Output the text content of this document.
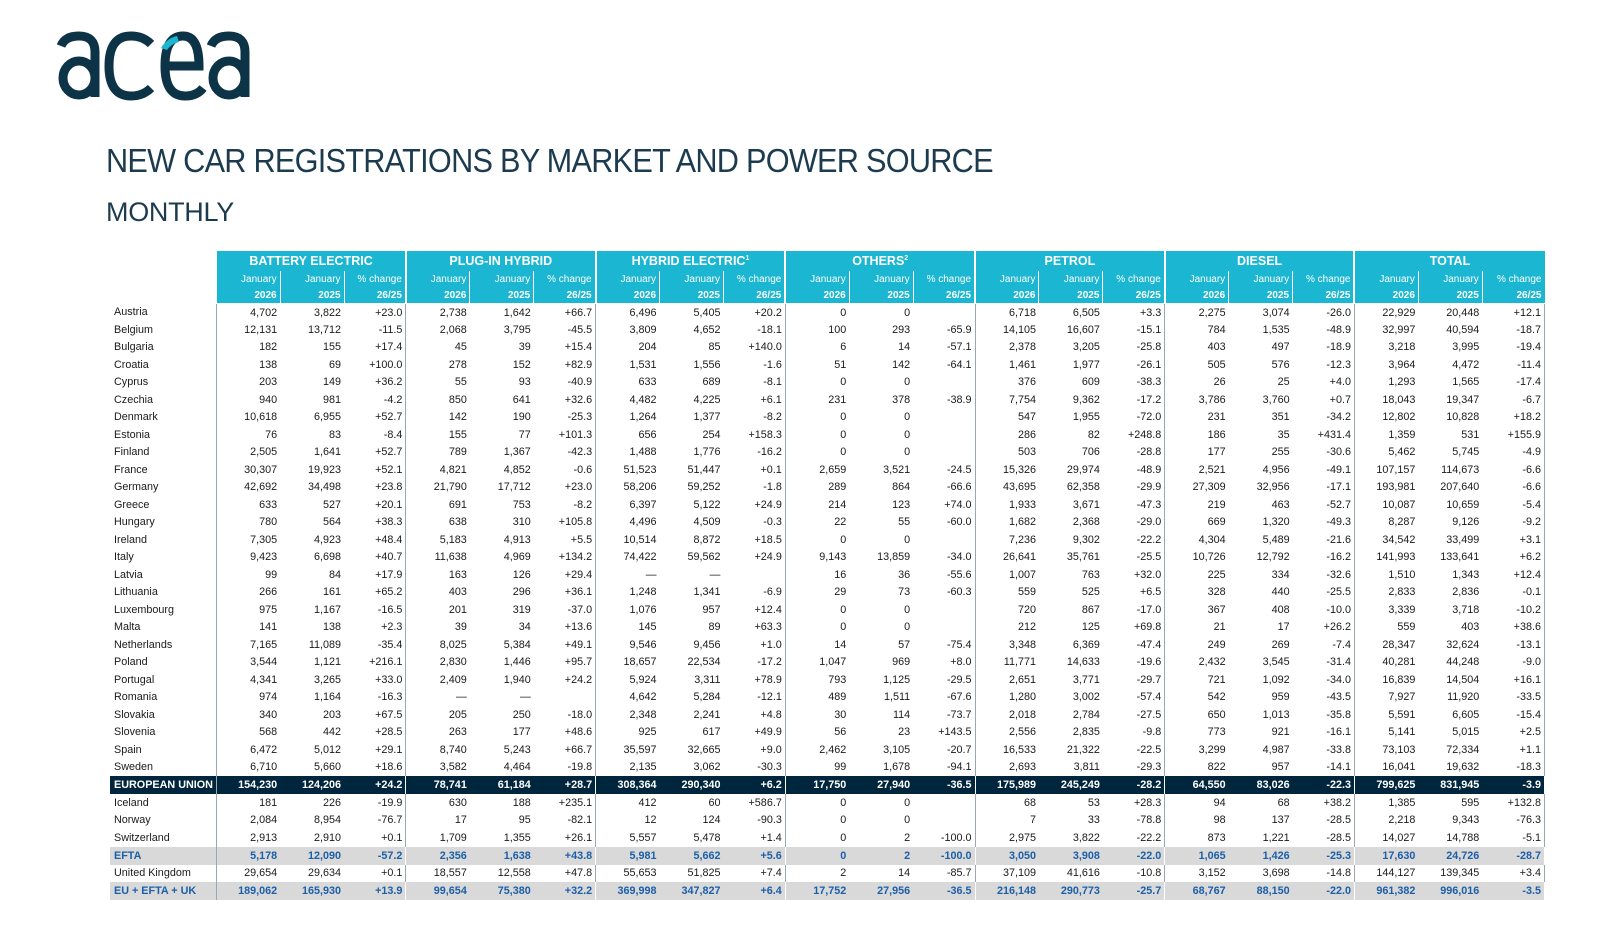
NEW CAR REGISTRATIONS BY MARKET AND POWER SOURCE
MONTHLY
	BATTERY ELECTRIC			PLUG-IN HYBRID			HYBRID ELECTRIC$^1$			OTHERS$^2$			PETROL			DIESEL			TOTAL		
	January	January	% change	January	January	% change	January	January	% change	January	January	% change	January	January	% change	January	January	% change	January	January	% change
	2026	2025	26/25	2026	2025	26/25	2026	2025	26/25	2026	2025	26/25	2026	2025	26/25	2026	2025	26/25	2026	2025	26/25
Austria	4,702	3,822	+23.0	2,738	1,642	+66.7	6,496	5,405	+20.2	0	0		6,718	6,505	+3.3	2,275	3,074	-26.0	22,929	20,448	+12.1
Belgium	12,131	13,712	-11.5	2,068	3,795	-45.5	3,809	4,652	-18.1	100	293	-65.9	14,105	16,607	-15.1	784	1,535	-48.9	32,997	40,594	-18.7
Bulgaria	182	155	+17.4	45	39	+15.4	204	85	+140.0	6	14	-57.1	2,378	3,205	-25.8	403	497	-18.9	3,218	3,995	-19.4
Croatia	138	69	+100.0	278	152	+82.9	1,531	1,556	-1.6	51	142	-64.1	1,461	1,977	-26.1	505	576	-12.3	3,964	4,472	-11.4
Cyprus	203	149	+36.2	55	93	-40.9	633	689	-8.1	0	0		376	609	-38.3	26	25	+4.0	1,293	1,565	-17.4
Czechia	940	981	-4.2	850	641	+32.6	4,482	4,225	+6.1	231	378	-38.9	7,754	9,362	-17.2	3,786	3,760	+0.7	18,043	19,347	-6.7
Denmark	10,618	6,955	+52.7	142	190	-25.3	1,264	1,377	-8.2	0	0		547	1,955	-72.0	231	351	-34.2	12,802	10,828	+18.2
Estonia	76	83	-8.4	155	77	+101.3	656	254	+158.3	0	0		286	82	+248.8	186	35	+431.4	1,359	531	+155.9
Finland	2,505	1,641	+52.7	789	1,367	-42.3	1,488	1,776	-16.2	0	0		503	706	-28.8	177	255	-30.6	5,462	5,745	-4.9
France	30,307	19,923	+52.1	4,821	4,852	-0.6	51,523	51,447	+0.1	2,659	3,521	-24.5	15,326	29,974	-48.9	2,521	4,956	-49.1	107,157	114,673	-6.6
Germany	42,692	34,498	+23.8	21,790	17,712	+23.0	58,206	59,252	-1.8	289	864	-66.6	43,695	62,358	-29.9	27,309	32,956	-17.1	193,981	207,640	-6.6
Greece	633	527	+20.1	691	753	-8.2	6,397	5,122	+24.9	214	123	+74.0	1,933	3,671	-47.3	219	463	-52.7	10,087	10,659	-5.4
Hungary	780	564	+38.3	638	310	+105.8	4,496	4,509	-0.3	22	55	-60.0	1,682	2,368	-29.0	669	1,320	-49.3	8,287	9,126	-9.2
Ireland	7,305	4,923	+48.4	5,183	4,913	+5.5	10,514	8,872	+18.5	0	0		7,236	9,302	-22.2	4,304	5,489	-21.6	34,542	33,499	+3.1
Italy	9,423	6,698	+40.7	11,638	4,969	+134.2	74,422	59,562	+24.9	9,143	13,859	-34.0	26,641	35,761	-25.5	10,726	12,792	-16.2	141,993	133,641	+6.2
Latvia	99	84	+17.9	163	126	+29.4	—	—		16	36	-55.6	1,007	763	+32.0	225	334	-32.6	1,510	1,343	+12.4
Lithuania	266	161	+65.2	403	296	+36.1	1,248	1,341	-6.9	29	73	-60.3	559	525	+6.5	328	440	-25.5	2,833	2,836	-0.1
Luxembourg	975	1,167	-16.5	201	319	-37.0	1,076	957	+12.4	0	0		720	867	-17.0	367	408	-10.0	3,339	3,718	-10.2
Malta	141	138	+2.3	39	34	+13.6	145	89	+63.3	0	0		212	125	+69.8	21	17	+26.2	559	403	+38.6
Netherlands	7,165	11,089	-35.4	8,025	5,384	+49.1	9,546	9,456	+1.0	14	57	-75.4	3,348	6,369	-47.4	249	269	-7.4	28,347	32,624	-13.1
Poland	3,544	1,121	+216.1	2,830	1,446	+95.7	18,657	22,534	-17.2	1,047	969	+8.0	11,771	14,633	-19.6	2,432	3,545	-31.4	40,281	44,248	-9.0
Portugal	4,341	3,265	+33.0	2,409	1,940	+24.2	5,924	3,311	+78.9	793	1,125	-29.5	2,651	3,771	-29.7	721	1,092	-34.0	16,839	14,504	+16.1
Romania	974	1,164	-16.3	—	—		4,642	5,284	-12.1	489	1,511	-67.6	1,280	3,002	-57.4	542	959	-43.5	7,927	11,920	-33.5
Slovakia	340	203	+67.5	205	250	-18.0	2,348	2,241	+4.8	30	114	-73.7	2,018	2,784	-27.5	650	1,013	-35.8	5,591	6,605	-15.4
Slovenia	568	442	+28.5	263	177	+48.6	925	617	+49.9	56	23	+143.5	2,556	2,835	-9.8	773	921	-16.1	5,141	5,015	+2.5
Spain	6,472	5,012	+29.1	8,740	5,243	+66.7	35,597	32,665	+9.0	2,462	3,105	-20.7	16,533	21,322	-22.5	3,299	4,987	-33.8	73,103	72,334	+1.1
Sweden	6,710	5,660	+18.6	3,582	4,464	-19.8	2,135	3,062	-30.3	99	1,678	-94.1	2,693	3,811	-29.3	822	957	-14.1	16,041	19,632	-18.3
EUROPEAN UNION	154,230	124,206	+24.2	78,741	61,184	+28.7	308,364	290,340	+6.2	17,750	27,940	-36.5	175,989	245,249	-28.2	64,550	83,026	-22.3	799,625	831,945	-3.9
Iceland	181	226	-19.9	630	188	+235.1	412	60	+586.7	0	0		68	53	+28.3	94	68	+38.2	1,385	595	+132.8
Norway	2,084	8,954	-76.7	17	95	-82.1	12	124	-90.3	0	0		7	33	-78.8	98	137	-28.5	2,218	9,343	-76.3
Switzerland	2,913	2,910	+0.1	1,709	1,355	+26.1	5,557	5,478	+1.4	0	2	-100.0	2,975	3,822	-22.2	873	1,221	-28.5	14,027	14,788	-5.1
EFTA	5,178	12,090	-57.2	2,356	1,638	+43.8	5,981	5,662	+5.6	0	2	-100.0	3,050	3,908	-22.0	1,065	1,426	-25.3	17,630	24,726	-28.7
United Kingdom	29,654	29,634	+0.1	18,557	12,558	+47.8	55,653	51,825	+7.4	2	14	-85.7	37,109	41,616	-10.8	3,152	3,698	-14.8	144,127	139,345	+3.4
EU + EFTA + UK	189,062	165,930	+13.9	99,654	75,380	+32.2	369,998	347,827	+6.4	17,752	27,956	-36.5	216,148	290,773	-25.7	68,767	88,150	-22.0	961,382	996,016	-3.5
